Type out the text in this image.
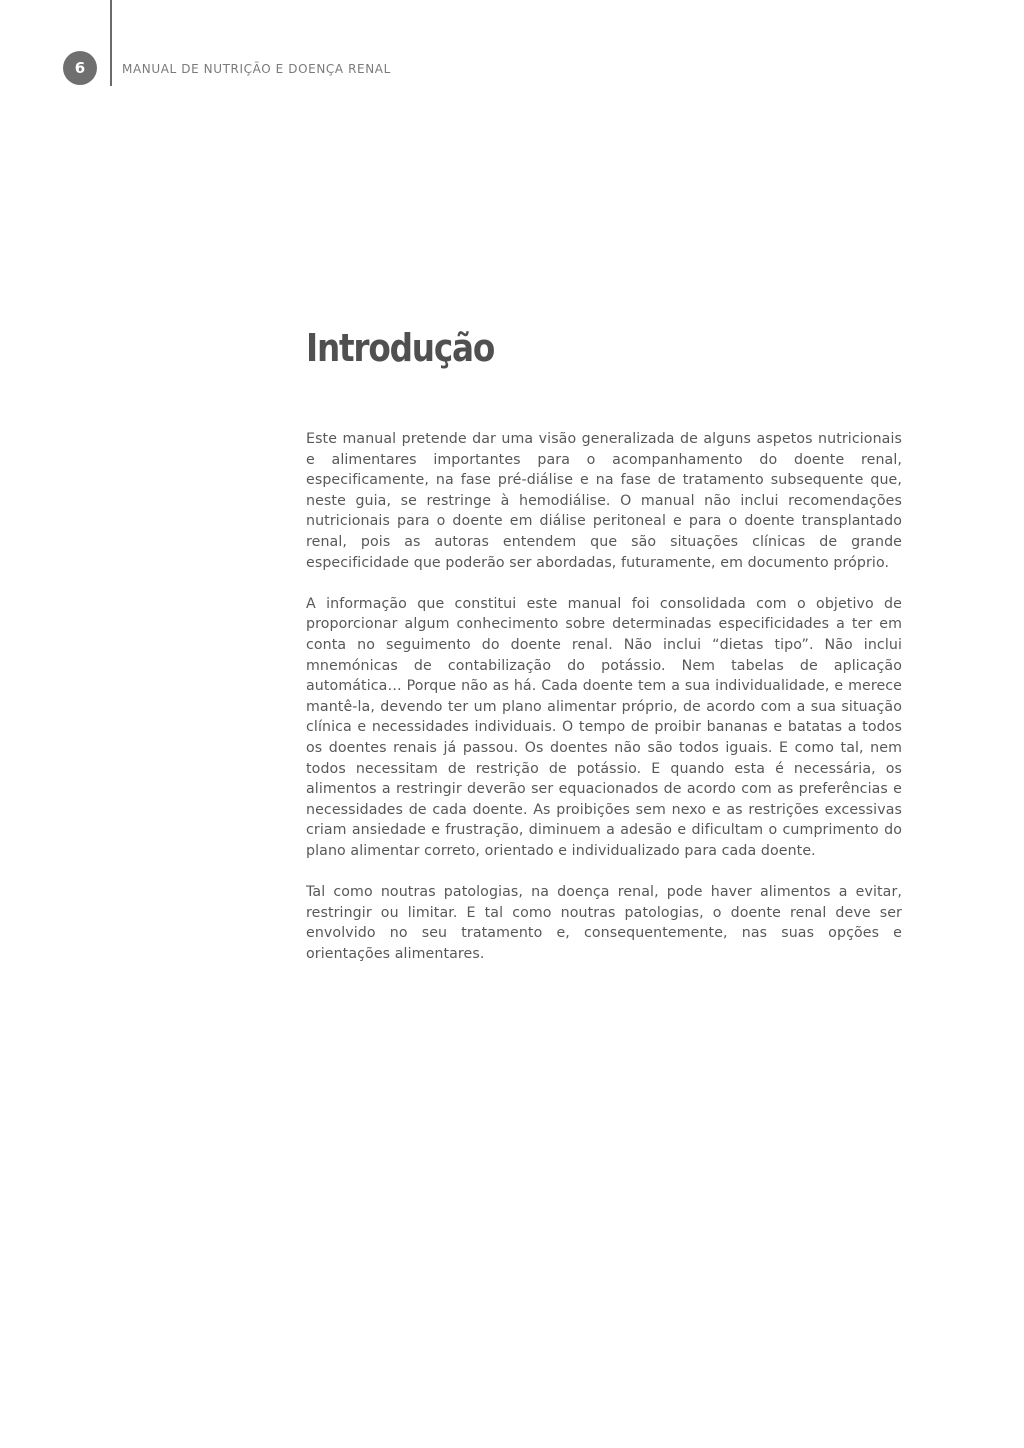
6	MANUAL DE NUTRIÇÃO E DOENÇA RENAL
Introdução

Este manual pretende dar uma visão generalizada de alguns aspetos nutricionais e alimentares importantes para o acompanhamento do doente renal, especificamente, na fase pré-diálise e na fase de tratamento subsequente que, neste guia, se restringe à hemodiálise. O manual não inclui recomendações nutricionais para o doente em diálise peritoneal e para o doente transplantado renal, pois as autoras entendem que são situações clínicas de grande especificidade que poderão ser abordadas, futuramente, em documento próprio.

A informação que constitui este manual foi consolidada com o objetivo de proporcionar algum conhecimento sobre determinadas especificidades a ter em conta no seguimento do doente renal. Não inclui “dietas tipo”. Não inclui mnemónicas de contabilização do potássio. Nem tabelas de aplicação automática… Porque não as há. Cada doente tem a sua individualidade, e merece mantê-la, devendo ter um plano alimentar próprio, de acordo com a sua situação clínica e necessidades individuais. O tempo de proibir bananas e batatas a todos os doentes renais já passou. Os doentes não são todos iguais. E como tal, nem todos necessitam de restrição de potássio. E quando esta é necessária, os alimentos a restringir deverão ser equacionados de acordo com as preferências e necessidades de cada doente. As proibições sem nexo e as restrições excessivas criam ansiedade e frustração, diminuem a adesão e dificultam o cumprimento do plano alimentar correto, orientado e individualizado para cada doente.

Tal como noutras patologias, na doença renal, pode haver alimentos a evitar, restringir ou limitar. E tal como noutras patologias, o doente renal deve ser envolvido no seu tratamento e, consequentemente, nas suas opções e orientações alimentares.
